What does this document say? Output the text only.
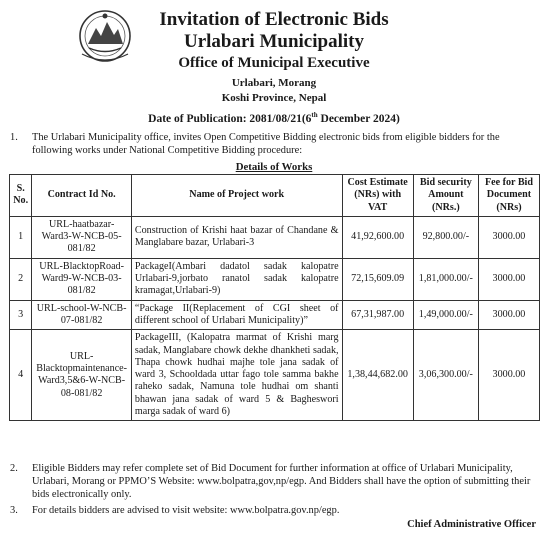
Invitation of Electronic Bids
Urlabari Municipality
Office of Municipal Executive
Urlabari, Morang
Koshi Province, Nepal
Date of Publication: 2081/08/21(6th December 2024)
1. The Urlabari Municipality office, invites Open Competitive Bidding electronic bids from eligible bidders for the following works under National Competitive Bidding procedure:
Details of Works
S. No.	Contract Id No.	Name of Project work	Cost Estimate (NRs) with VAT	Bid security Amount (NRs.)	Fee for Bid Document (NRs)
1	URL-haatbazar-Ward3-W-NCB-05-081/82	Construction of Krishi haat bazar of Chandane & Manglabare bazar, Urlabari-3	41,92,600.00	92,800.00/-	3000.00
2	URL-BlacktopRoad-Ward9-W-NCB-03-081/82	PackageI(Ambari dadatol sadak kalopatre Urlabari-9,jorbato ranatol sadak kalopatre kramagat,Urlabari-9)	72,15,609.09	1,81,000.00/-	3000.00
3	URL-school-W-NCB-07-081/82	“Package II(Replacement of CGI sheet of different school of Urlabari Municipality)”	67,31,987.00	1,49,000.00/-	3000.00
4	URL-Blacktopmaintenance-Ward3,5&6-W-NCB-08-081/82	PackageIII, (Kalopatra marmat of Krishi marg sadak, Manglabare chowk dekhe dhankheti sadak, Thapa chowk hudhai majhe tole jana sadak of ward 3, Schooldada uttar fago tole samma bakhe raheko sadak, Namuna tole hudhai om shanti bhawan jana sadak of ward 5 & Bagheswori marga sadak of ward 6)	1,38,44,682.00	3,06,300.00/-	3000.00
2. Eligible Bidders may refer complete set of Bid Document for further information at office of Urlabari Municipality, Urlabari, Morang or PPMO’S Website: www.bolpatra,gov,np/egp. And Bidders shall have the option of submitting their bids electronically only.
3. For details bidders are advised to visit website: www.bolpatra.gov.np/egp.
Chief Administrative Officer
